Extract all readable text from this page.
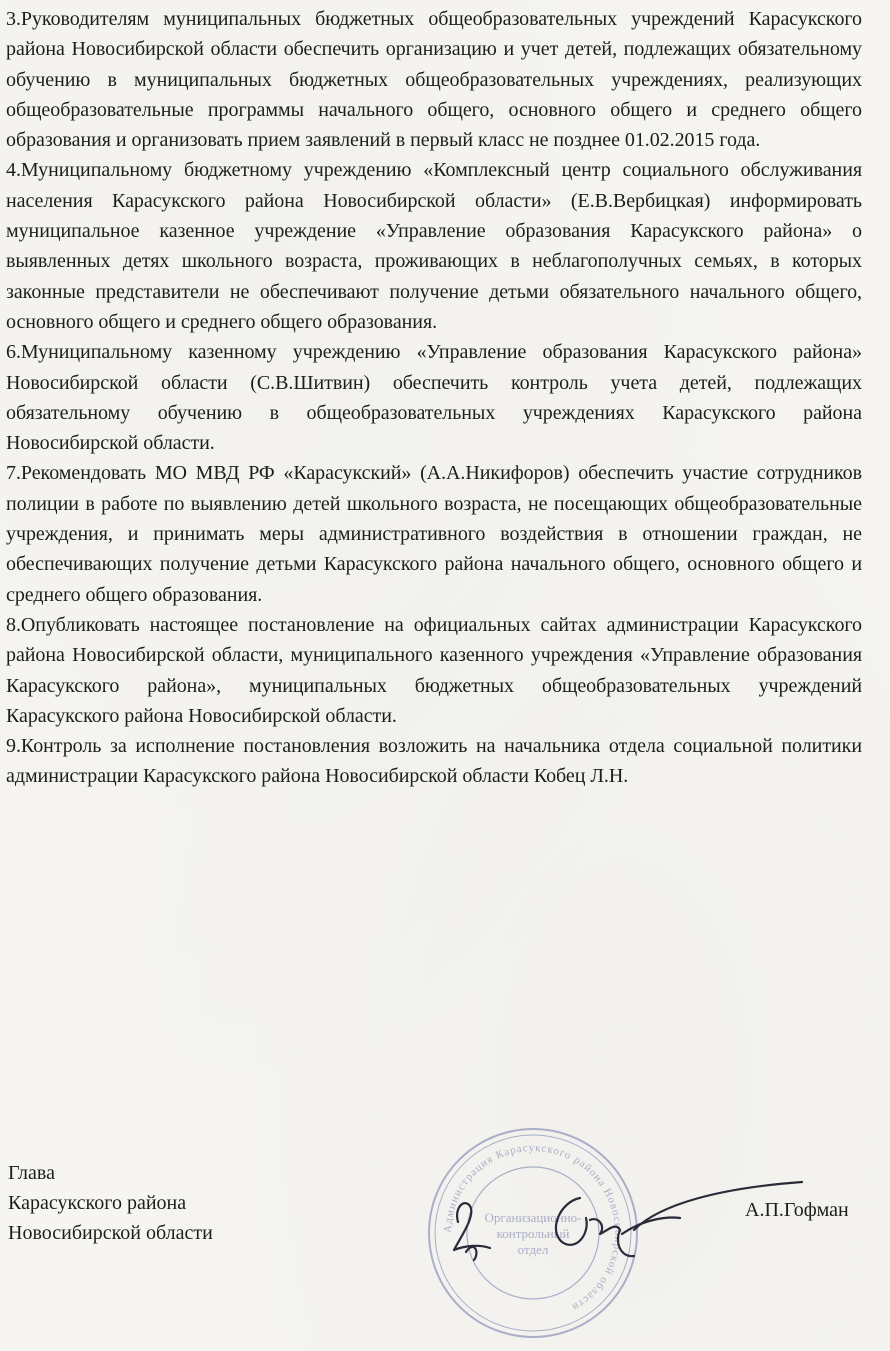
3.Руководителям муниципальных бюджетных общеобразовательных учреждений Карасукского района Новосибирской области обеспечить организацию и учет детей, подлежащих обязательному обучению в муниципальных бюджетных общеобразовательных учреждениях, реализующих общеобразовательные программы начального общего, основного общего и среднего общего образования и организовать прием заявлений в первый класс не позднее 01.02.2015 года.

4.Муниципальному бюджетному учреждению «Комплексный центр социального обслуживания населения Карасукского района Новосибирской области» (Е.В.Вербицкая) информировать муниципальное казенное учреждение «Управление образования Карасукского района» о выявленных детях школьного возраста, проживающих в неблагополучных семьях, в которых законные представители не обеспечивают получение детьми обязательного начального общего, основного общего и среднего общего образования.

6.Муниципальному казенному учреждению «Управление образования Карасукского района» Новосибирской области (С.В.Шитвин) обеспечить контроль учета детей, подлежащих обязательному обучению в общеобразовательных учреждениях Карасукского района Новосибирской области.

7.Рекомендовать МО МВД РФ «Карасукский» (А.А.Никифоров) обеспечить участие сотрудников полиции в работе по выявлению детей школьного возраста, не посещающих общеобразовательные учреждения, и принимать меры административного воздействия в отношении граждан, не обеспечивающих получение детьми Карасукского района начального общего, основного общего и среднего общего образования.

8.Опубликовать настоящее постановление на официальных сайтах администрации Карасукского района Новосибирской области, муниципального казенного учреждения «Управление образования Карасукского района», муниципальных бюджетных общеобразовательных учреждений Карасукского района Новосибирской области.

9.Контроль за исполнение постановления возложить на начальника отдела социальной политики администрации Карасукского района Новосибирской области Кобец Л.Н.

Администрация Карасукского района Новосибирской области
Организационно-
контрольный
отдел
Глава
Карасукского района
Новосибирской области
А.П.Гофман
